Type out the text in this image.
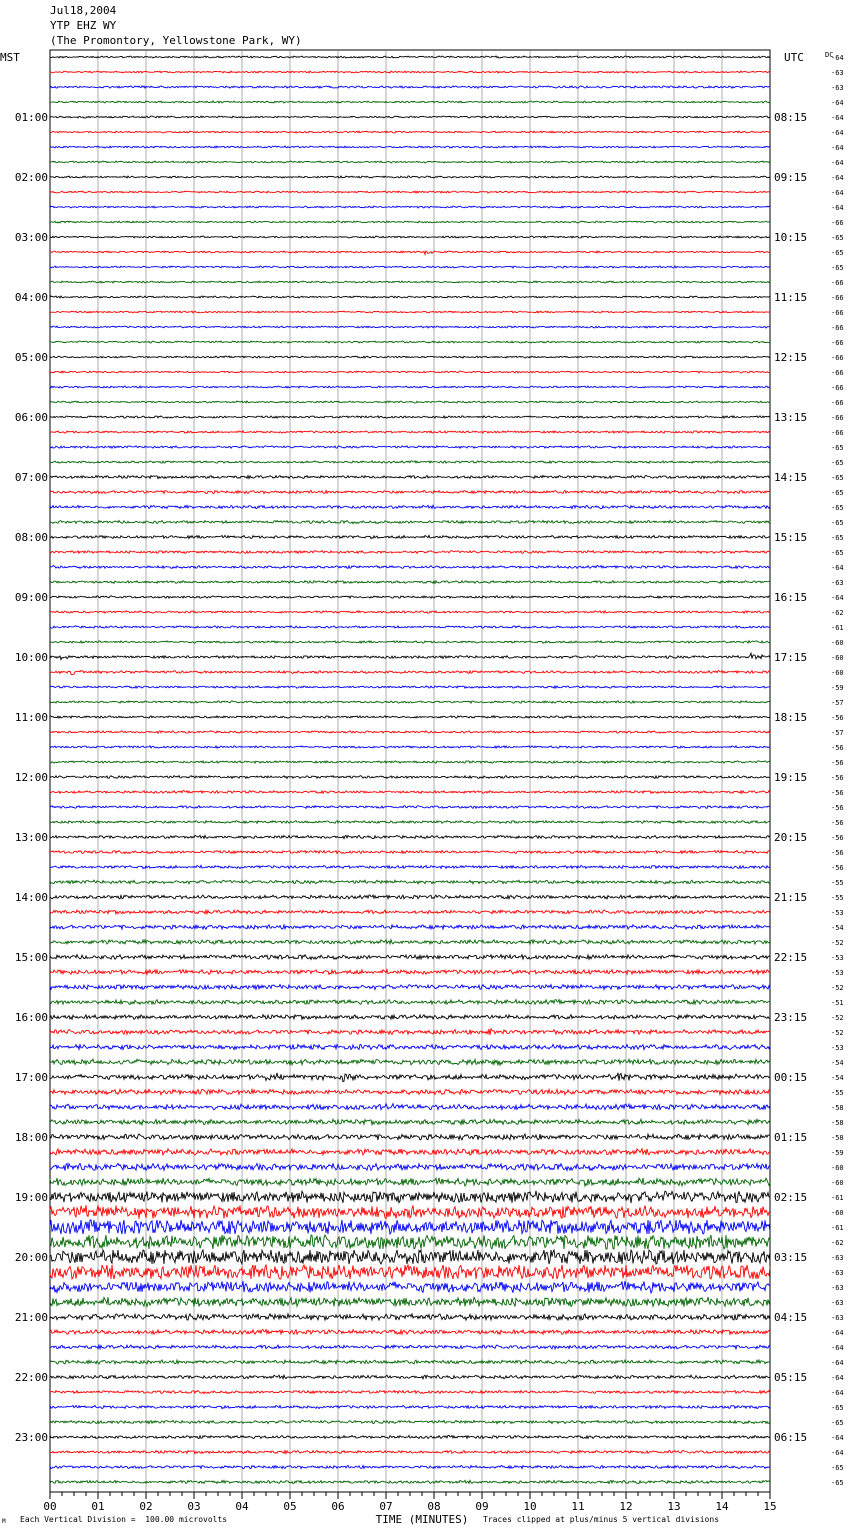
Jul18,2004
YTP EHZ WY
(The Promontory, Yellowstone Park, WY)
MST	UTC	DC
01:00
02:00
03:00
04:00
05:00
06:00
07:00
08:00
09:00
10:00
11:00
12:00
13:00
14:00
15:00
16:00
17:00
18:00
19:00
20:00
21:00
22:00
23:00
08:15
09:15
10:15
11:15
12:15
13:15
14:15
15:15
16:15
17:15
18:15
19:15
20:15
21:15
22:15
23:15
00:15
01:15
02:15
03:15
04:15
05:15
06:15
-64
-63
-63
-64
-64
-64
-64
-64
-64
-64
-64
-66
-65
-65
-65
-66
-66
-66
-66
-66
-66
-66
-66
-66
-66
-66
-65
-65
-65
-65
-65
-65
-65
-65
-64
-63
-64
-62
-61
-60
-60
-60
-59
-57
-56
-57
-56
-56
-56
-56
-56
-56
-56
-56
-56
-55
-55
-53
-54
-52
-53
-53
-52
-51
-52
-52
-53
-54
-54
-55
-58
-58
-58
-59
-60
-60
-61
-60
-61
-62
-63
-63
-63
-63
-63
-64
-64
-64
-64
-64
-65
-65
-64
-64
-65
-65
00	01	02	03	04	05	06	07	08	09	10	11	12	13	14	15
TIME (MINUTES)
Each Vertical Division =  100.00 microvolts	Traces clipped at plus/minus 5 vertical divisions
M
